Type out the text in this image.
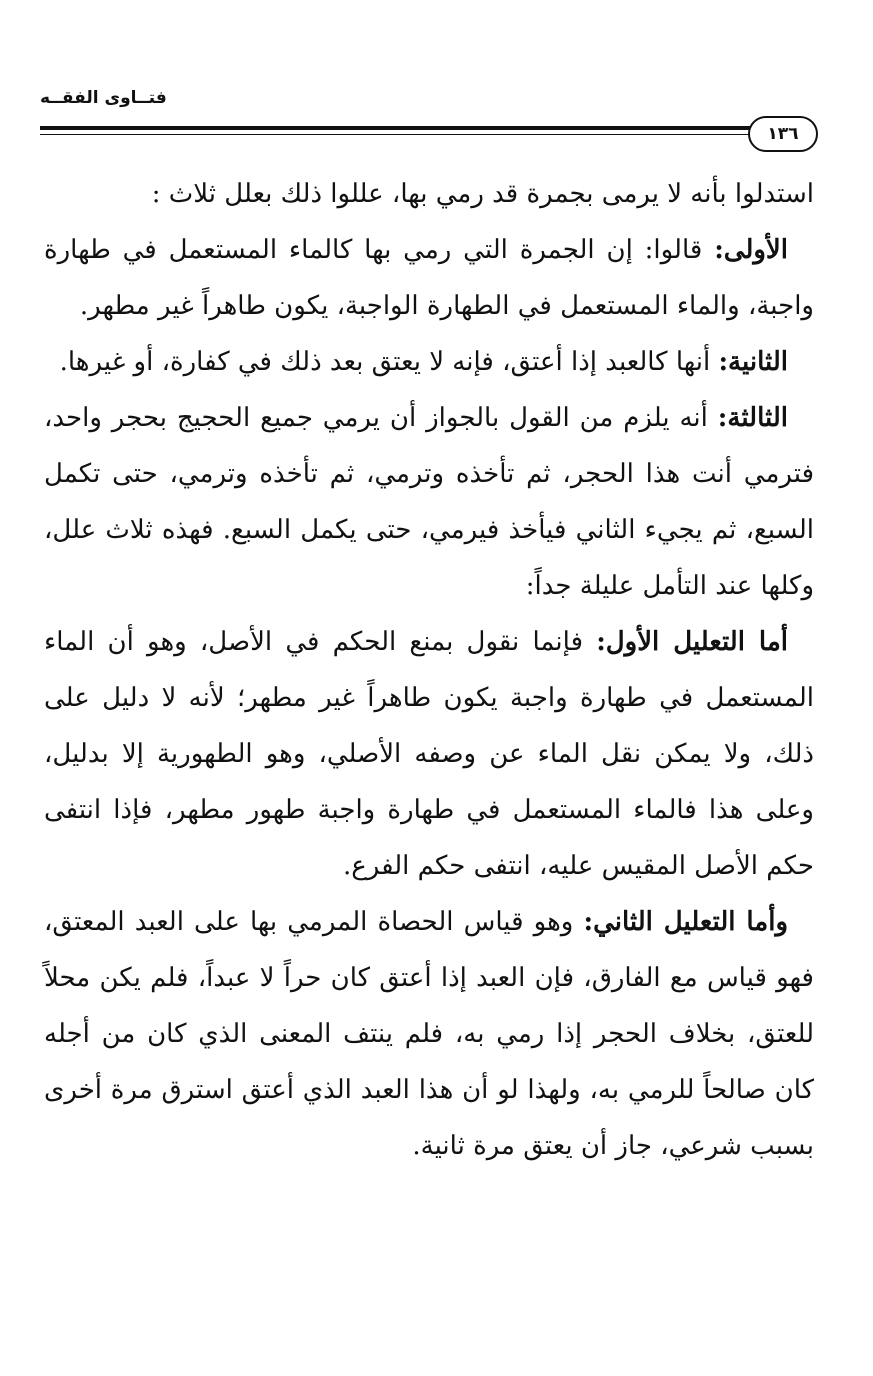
فتــاوى الفقــه
١٣٦

استدلوا بأنه لا يرمى بجمرة قد رمي بها، عللوا ذلك بعلل ثلاث :

الأولى: قالوا: إن الجمرة التي رمي بها كالماء المستعمل في طهارة واجبة، والماء المستعمل في الطهارة الواجبة، يكون طاهراً غير مطهر.

الثانية: أنها كالعبد إذا أعتق، فإنه لا يعتق بعد ذلك في كفارة، أو غيرها.

الثالثة: أنه يلزم من القول بالجواز أن يرمي جميع الحجيج بحجر واحد، فترمي أنت هذا الحجر، ثم تأخذه وترمي، ثم تأخذه وترمي، حتى تكمل السبع، ثم يجيء الثاني فيأخذ فيرمي، حتى يكمل السبع. فهذه ثلاث علل، وكلها عند التأمل عليلة جداً:

أما التعليل الأول: فإنما نقول بمنع الحكم في الأصل، وهو أن الماء المستعمل في طهارة واجبة يكون طاهراً غير مطهر؛ لأنه لا دليل على ذلك، ولا يمكن نقل الماء عن وصفه الأصلي، وهو الطهورية إلا بدليل، وعلى هذا فالماء المستعمل في طهارة واجبة طهور مطهر، فإذا انتفى حكم الأصل المقيس عليه، انتفى حكم الفرع.

وأما التعليل الثاني: وهو قياس الحصاة المرمي بها على العبد المعتق، فهو قياس مع الفارق، فإن العبد إذا أعتق كان حراً لا عبداً، فلم يكن محلاً للعتق، بخلاف الحجر إذا رمي به، فلم ينتف المعنى الذي كان من أجله كان صالحاً للرمي به، ولهذا لو أن هذا العبد الذي أعتق استرق مرة أخرى بسبب شرعي، جاز أن يعتق مرة ثانية.
